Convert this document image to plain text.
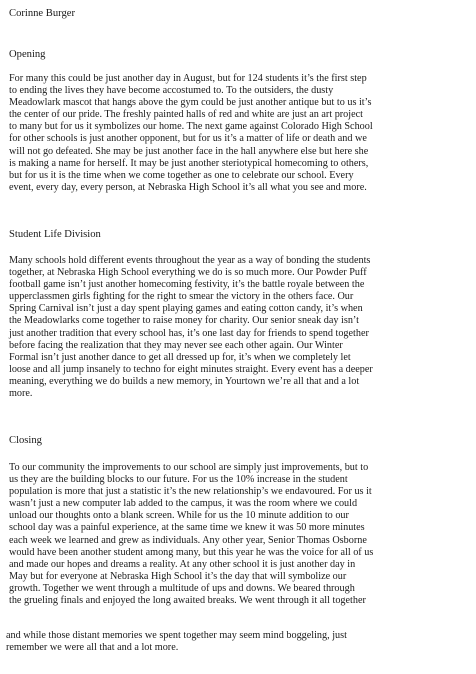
Corinne Burger
Opening
For many this could be just another day in August, but for 124 students it’s the first step
to ending the lives they have become accostumed to. To the outsiders, the dusty
Meadowlark mascot that hangs above the gym could be just another antique but to us it’s
the center of our pride. The freshly painted halls of red and white are just an art project
to many but for us it symbolizes our home. The next game against Colorado High School
for other schools is just another opponent, but for us it’s a matter of life or death and we
will not go defeated. She may be just another face in the hall anywhere else but here she
is making a name for herself. It may be just another steriotypical homecoming to others,
but for us it is the time when we come together as one to celebrate our school. Every
event, every day, every person, at Nebraska High School it’s all what you see and more.
Student Life Division
Many schools hold different events throughout the year as a way of bonding the students
together, at Nebraska High School everything we do is so much more. Our Powder Puff
football game isn’t just another homecoming festivity, it’s the battle royale between the
upperclassmen girls fighting for the right to smear the victory in the others face. Our
Spring Carnival isn’t just a day spent playing games and eating cotton candy, it’s when
the Meadowlarks come together to raise money for charity. Our senior sneak day isn’t
just another tradition that every school has, it’s one last day for friends to spend together
before facing the realization that they may never see each other again. Our Winter
Formal isn’t just another dance to get all dressed up for, it’s when we completely let
loose and all jump insanely to techno for eight minutes straight. Every event has a deeper
meaning, everything we do builds a new memory, in Yourtown we’re all that and a lot
more.
Closing
To our community the improvements to our school are simply just improvements, but to
us they are the building blocks to our future. For us the 10% increase in the student
population is more that just a statistic it’s the new relationship’s we endavoured. For us it
wasn’t just a new computer lab added to the campus, it was the room where we could
unload our thoughts onto a blank screen. While for us the 10 minute addition to our
school day was a painful experience, at the same time we knew it was 50 more minutes
each week we learned and grew as individuals. Any other year, Senior Thomas Osborne
would have been another student among many, but this year he was the voice for all of us
and made our hopes and dreams a reality. At any other school it is just another day in
May but for everyone at Nebraska High School it’s the day that will symbolize our
growth. Together we went through a multitude of ups and downs. We beared through
the grueling finals and enjoyed the long awaited breaks. We went through it all together
and while those distant memories we spent together may seem mind boggeling, just
remember we were all that and a lot more.
